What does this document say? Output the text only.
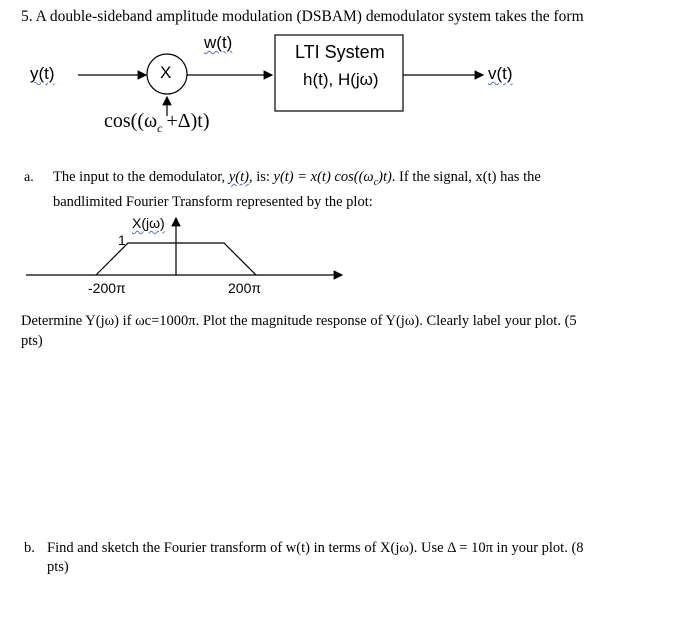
5. A double-sideband amplitude modulation (DSBAM) demodulator system takes the form
y(t)	X
w(t)	LTI System
h(t), H(jω)	v(t)
$\cos((\omega_c +\Delta)t)$
a. The input to the demodulator, y(t), is: y(t) = x(t) $\cos((\omega_c)t)$. If the signal, x(t) has the
bandlimited Fourier Transform represented by the plot:
X(jω)
1
-200π	200π
Determine Y(jω) if ωc=1000π. Plot the magnitude response of Y(jω). Clearly label your plot. (5
pts)
b. Find and sketch the Fourier transform of w(t) in terms of X(jω). Use Δ = 10π in your plot. (8
pts)
